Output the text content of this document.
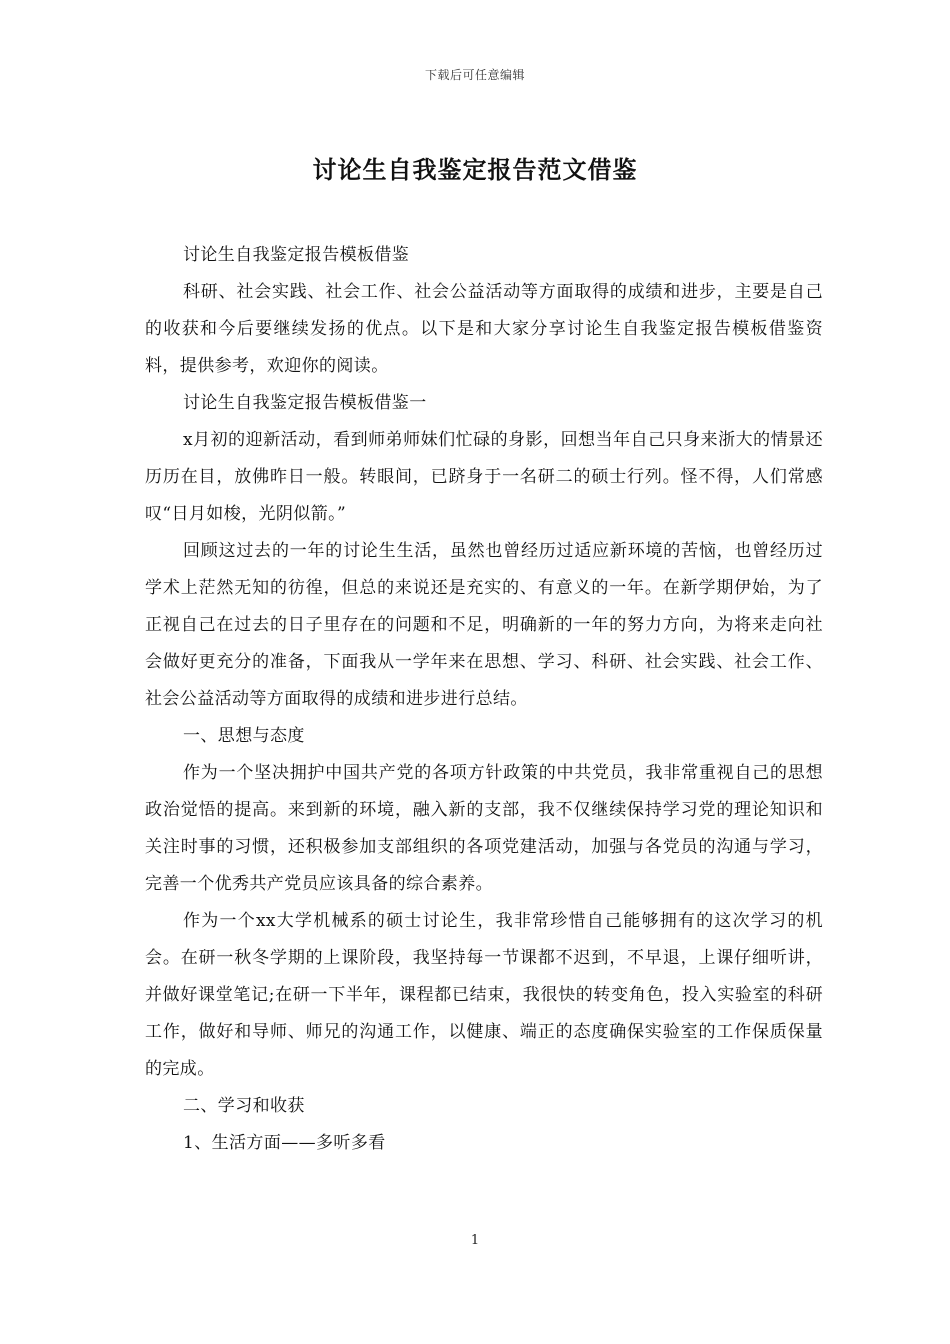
下载后可任意编辑
讨论生自我鉴定报告范文借鉴

讨论生自我鉴定报告模板借鉴

科研、社会实践、社会工作、社会公益活动等方面取得的成绩和进步，主要是自己的收获和今后要继续发扬的优点。以下是和大家分享讨论生自我鉴定报告模板借鉴资料，提供参考，欢迎你的阅读。

讨论生自我鉴定报告模板借鉴一

x月初的迎新活动，看到师弟师妹们忙碌的身影，回想当年自己只身来浙大的情景还历历在目，放佛昨日一般。转眼间，已跻身于一名研二的硕士行列。怪不得，人们常感叹“日月如梭，光阴似箭。”

回顾这过去的一年的讨论生生活，虽然也曾经历过适应新环境的苦恼，也曾经历过学术上茫然无知的彷徨，但总的来说还是充实的、有意义的一年。在新学期伊始，为了正视自己在过去的日子里存在的问题和不足，明确新的一年的努力方向，为将来走向社会做好更充分的准备，下面我从一学年来在思想、学习、科研、社会实践、社会工作、社会公益活动等方面取得的成绩和进步进行总结。

一、思想与态度

作为一个坚决拥护中国共产党的各项方针政策的中共党员，我非常重视自己的思想政治觉悟的提高。来到新的环境，融入新的支部，我不仅继续保持学习党的理论知识和关注时事的习惯，还积极参加支部组织的各项党建活动，加强与各党员的沟通与学习，完善一个优秀共产党员应该具备的综合素养。

作为一个xx大学机械系的硕士讨论生，我非常珍惜自己能够拥有的这次学习的机会。在研一秋冬学期的上课阶段，我坚持每一节课都不迟到，不早退，上课仔细听讲，并做好课堂笔记;在研一下半年，课程都已结束，我很快的转变角色，投入实验室的科研工作，做好和导师、师兄的沟通工作，以健康、端正的态度确保实验室的工作保质保量的完成。

二、学习和收获

1、生活方面——多听多看

1
